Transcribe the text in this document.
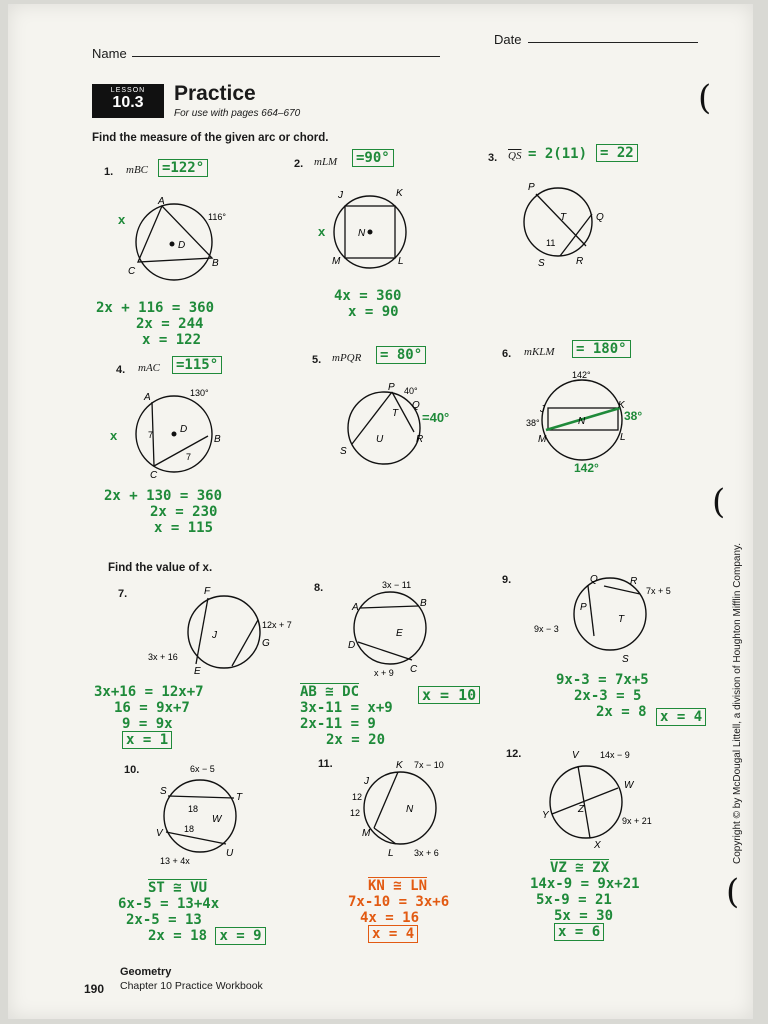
Name
Date
LESSON
10.3	Practice
For use with pages 664–670
Find the measure of the given arc or chord.
1. mBC =122°	2. mLM =90°	3. $\overline{QS} = 2(11) = 22$
A
B
C
D
116°
x
J	K
L
M
N
x
P
Q
R
S
T
11
2x + 116 = 360
2x = 244
x = 122
4x = 360
x = 90
4. mAC =115°	5. mPQR = 80°	6. mKLM = 180°
A
B
C
D
130°
7
7
x
P
Q
R
S
T
U
40°
=40°
142°
38°
J	K
L
M
N	38°
142°
2x + 130 = 360
2x = 230
x = 115
Find the value of x.
7.	8.
9.
F
E
G
J
12x + 7
3x + 16
3x − 11
x + 9
A	B
C
D
E
Q	R
P
S
T
7x + 5
9x − 3
3x+16 = 12x+7
16 = 9x+7
9 = 9x
x = 1
AB ≅ DC
3x-11 = x+9
2x-11 = 9
2x = 20
x = 10
9x-3 = 7x+5
2x-3 = 5
2x = 8 x = 4
10.	11.
12.
6x − 5
13 + 4x
S
T
U
V
W
18
18
K
J
N
M
L
7x − 10
3x + 6
12
12
V
W
X
Y
Z
14x − 9
9x + 21
ST ≅ VU
6x-5 = 13+4x
2x-5 = 13
2x = 18 x = 9
KN ≅ LN
7x-10 = 3x+6
4x = 16
x = 4
VZ ≅ ZX
14x-9 = 9x+21
5x-9 = 21
5x = 30
x = 6
Geometry
Chapter 10 Practice Workbook
190
Copyright © by McDougal Littell, a division of Houghton Mifflin Company.
(
(
(
